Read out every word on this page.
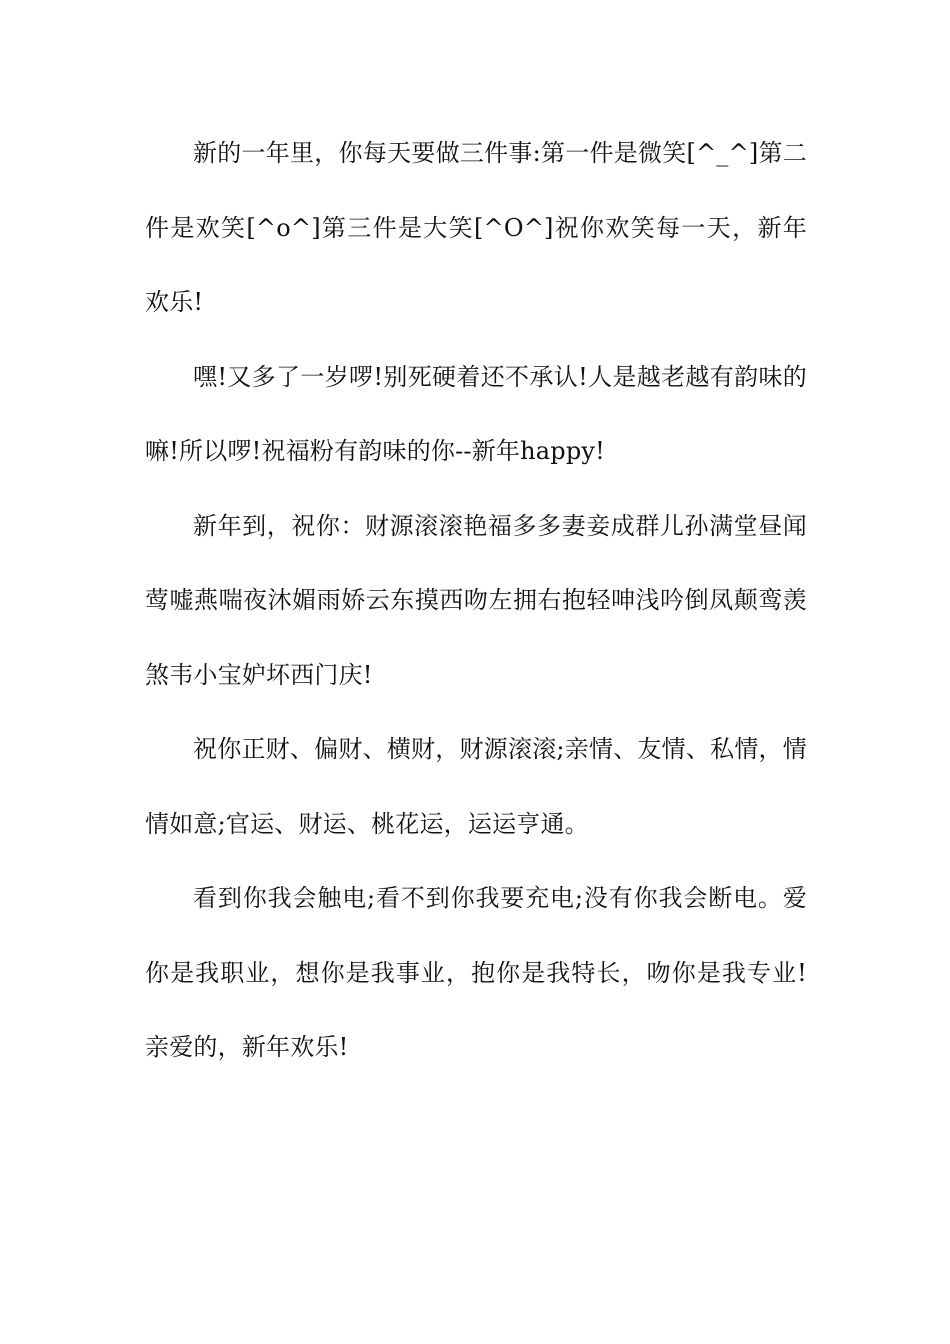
新的一年里，你每天要做三件事:第一件是微笑[^_^]第二件是欢笑[^o^]第三件是大笑[^O^]祝你欢笑每一天，新年欢乐!

嘿!又多了一岁啰!别死硬着还不承认!人是越老越有韵味的嘛!所以啰!祝福粉有韵味的你--新年happy!

新年到，祝你：财源滚滚艳福多多妻妾成群儿孙满堂昼闻莺嘘燕喘夜沐媚雨娇云东摸西吻左拥右抱轻呻浅吟倒凤颠鸾羡煞韦小宝妒坏西门庆!

祝你正财、偏财、横财，财源滚滚;亲情、友情、私情，情情如意;官运、财运、桃花运，运运亨通。

看到你我会触电;看不到你我要充电;没有你我会断电。爱你是我职业，想你是我事业，抱你是我特长，吻你是我专业!亲爱的，新年欢乐!
